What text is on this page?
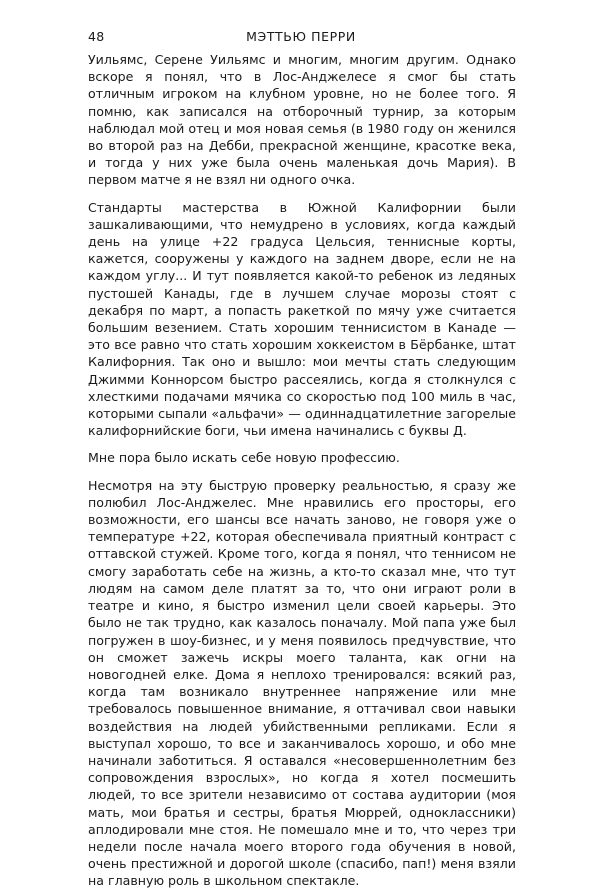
48	МЭТТЬЮ ПЕРРИ

Уильямс, Серене Уильямс и многим, многим другим. Однако вскоре я понял, что в Лос-Анджелесе я смог бы стать отличным игроком на клубном уровне, но не более того. Я помню, как записался на отборочный турнир, за которым наблюдал мой отец и моя новая семья (в 1980 году он женился во второй раз на Дебби, прекрасной женщине, красотке века, и тогда у них уже была очень маленькая дочь Мария). В первом матче я не взял ни одного очка.

Стандарты мастерства в Южной Калифорнии были зашкаливающими, что немудрено в условиях, когда каждый день на улице +22 градуса Цельсия, теннисные корты, кажется, сооружены у каждого на заднем дворе, если не на каждом углу... И тут появляется какой-то ребенок из ледяных пустошей Канады, где в лучшем случае морозы стоят с декабря по март, а попасть ракеткой по мячу уже считается большим везением. Стать хорошим теннисистом в Канаде — это все равно что стать хорошим хоккеистом в Бёрбанке, штат Калифорния. Так оно и вышло: мои мечты стать следующим Джимми Коннорсом быстро рассеялись, когда я столкнулся с хлесткими подачами мячика со скоростью под 100 миль в час, которыми сыпали «альфачи» — одиннадцатилетние загорелые калифорнийские боги, чьи имена начинались с буквы Д.

Мне пора было искать себе новую профессию.

Несмотря на эту быструю проверку реальностью, я сразу же полюбил Лос-Анджелес. Мне нравились его просторы, его возможности, его шансы все начать заново, не говоря уже о температуре +22, которая обеспечивала приятный контраст с оттавской стужей. Кроме того, когда я понял, что теннисом не смогу заработать себе на жизнь, а кто-то сказал мне, что тут людям на самом деле платят за то, что они играют роли в театре и кино, я быстро изменил цели своей карьеры. Это было не так трудно, как казалось поначалу. Мой папа уже был погружен в шоу-бизнес, и у меня появилось предчувствие, что он сможет зажечь искры моего таланта, как огни на новогодней елке. Дома я неплохо тренировался: всякий раз, когда там возникало внутреннее напряжение или мне требовалось повышенное внимание, я оттачивал свои навыки воздействия на людей убийственными репликами. Если я выступал хорошо, то все и заканчивалось хорошо, и обо мне начинали заботиться. Я оставался «несовершеннолетним без сопровождения взрослых», но когда я хотел посмешить людей, то все зрители независимо от состава аудитории (моя мать, мои братья и сестры, братья Мюррей, одноклассники) аплодировали мне стоя. Не помешало мне и то, что через три недели после начала моего второго года обучения в новой, очень престижной и дорогой школе (спасибо, пап!) меня взяли на главную роль в школьном спектакле.
